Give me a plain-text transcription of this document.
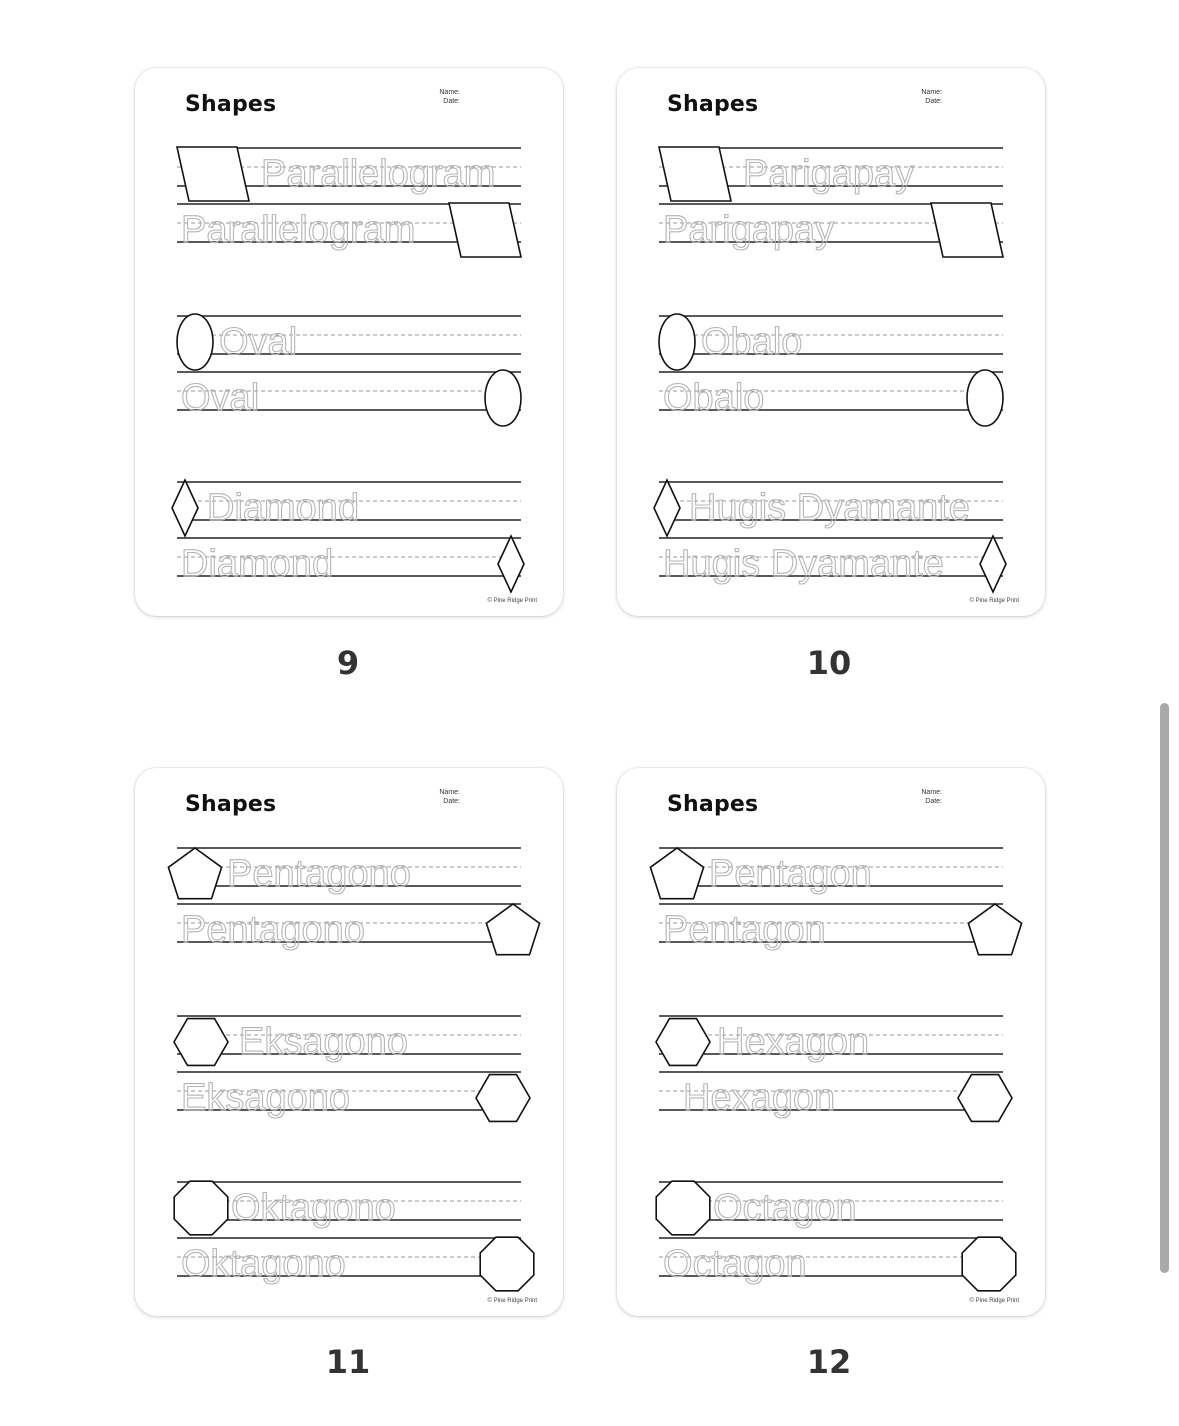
Shapes	Name:
Date:
Parallelogram
Parallelogram
Oval
Oval
Diamond
Diamond
© Pine Ridge Print
9
Shapes	Name:
Date:
Parigapay
Parigapay
Obalo
Obalo
Hugis Dyamante
Hugis Dyamante
© Pine Ridge Print
10
Shapes	Name:
Date:
Pentagono
Pentagono
Eksagono
Eksagono
Oktagono
Oktagono
© Pine Ridge Print
11
Shapes	Name:
Date:
Pentagon
Pentagon
Hexagon
Hexagon
Octagon
Octagon
© Pine Ridge Print
12
